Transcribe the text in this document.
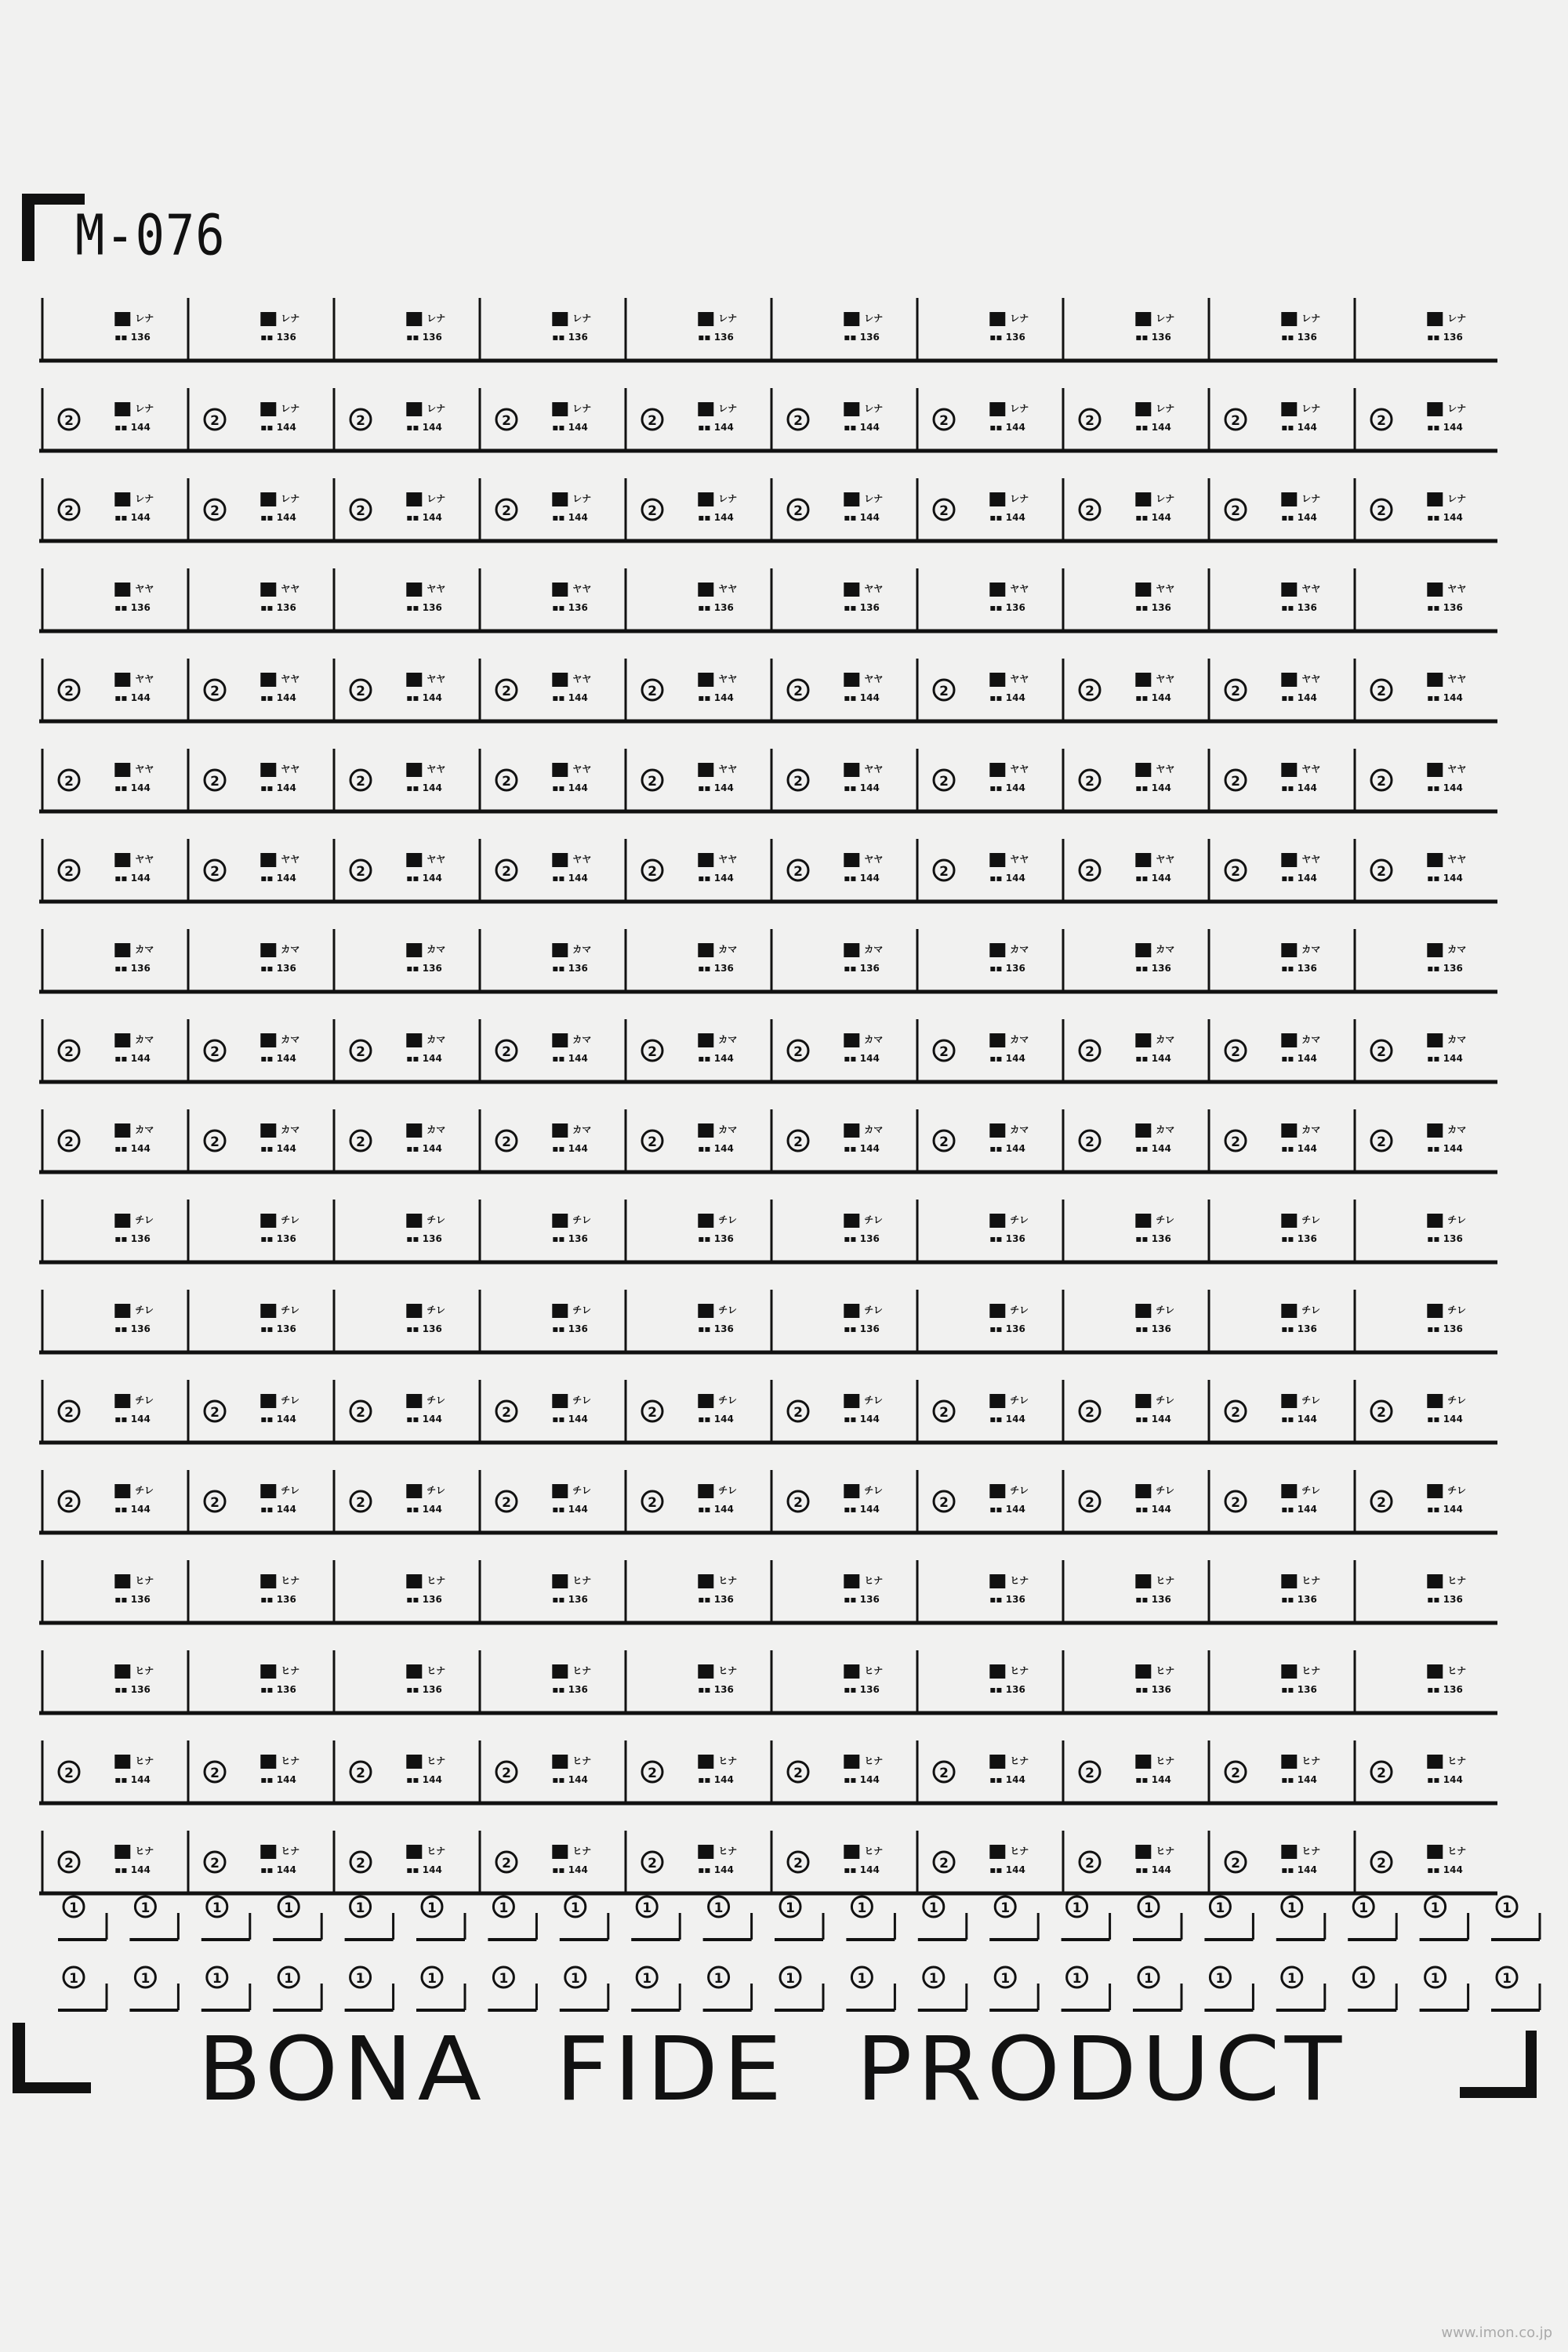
M-076
レナ
▪▪ 136
レナ
▪▪ 136
レナ
▪▪ 136
レナ
▪▪ 136
レナ
▪▪ 136
レナ
▪▪ 136
レナ
▪▪ 136
レナ
▪▪ 136
レナ
▪▪ 136
レナ
▪▪ 136
レナ
▪▪ 144
2
レナ
▪▪ 144
2
レナ
▪▪ 144
2
レナ
▪▪ 144
2
レナ
▪▪ 144
2
レナ
▪▪ 144
2
レナ
▪▪ 144
2
レナ
▪▪ 144
2
レナ
▪▪ 144
2
レナ
▪▪ 144
2
レナ
▪▪ 144
2
レナ
▪▪ 144
2
レナ
▪▪ 144
2
レナ
▪▪ 144
2
レナ
▪▪ 144
2
レナ
▪▪ 144
2
レナ
▪▪ 144
2
レナ
▪▪ 144
2
レナ
▪▪ 144
2
レナ
▪▪ 144
2
ヤヤ
▪▪ 136
ヤヤ
▪▪ 136
ヤヤ
▪▪ 136
ヤヤ
▪▪ 136
ヤヤ
▪▪ 136
ヤヤ
▪▪ 136
ヤヤ
▪▪ 136
ヤヤ
▪▪ 136
ヤヤ
▪▪ 136
ヤヤ
▪▪ 136
ヤヤ
▪▪ 144
2
ヤヤ
▪▪ 144
2
ヤヤ
▪▪ 144
2
ヤヤ
▪▪ 144
2
ヤヤ
▪▪ 144
2
ヤヤ
▪▪ 144
2
ヤヤ
▪▪ 144
2
ヤヤ
▪▪ 144
2
ヤヤ
▪▪ 144
2
ヤヤ
▪▪ 144
2
ヤヤ
▪▪ 144
2
ヤヤ
▪▪ 144
2
ヤヤ
▪▪ 144
2
ヤヤ
▪▪ 144
2
ヤヤ
▪▪ 144
2
ヤヤ
▪▪ 144
2
ヤヤ
▪▪ 144
2
ヤヤ
▪▪ 144
2
ヤヤ
▪▪ 144
2
ヤヤ
▪▪ 144
2
ヤヤ
▪▪ 144
2
ヤヤ
▪▪ 144
2
ヤヤ
▪▪ 144
2
ヤヤ
▪▪ 144
2
ヤヤ
▪▪ 144
2
ヤヤ
▪▪ 144
2
ヤヤ
▪▪ 144
2
ヤヤ
▪▪ 144
2
ヤヤ
▪▪ 144
2
ヤヤ
▪▪ 144
2
カマ
▪▪ 136
カマ
▪▪ 136
カマ
▪▪ 136
カマ
▪▪ 136
カマ
▪▪ 136
カマ
▪▪ 136
カマ
▪▪ 136
カマ
▪▪ 136
カマ
▪▪ 136
カマ
▪▪ 136
カマ
▪▪ 144
2
カマ
▪▪ 144
2
カマ
▪▪ 144
2
カマ
▪▪ 144
2
カマ
▪▪ 144
2
カマ
▪▪ 144
2
カマ
▪▪ 144
2
カマ
▪▪ 144
2
カマ
▪▪ 144
2
カマ
▪▪ 144
2
カマ
▪▪ 144
2
カマ
▪▪ 144
2
カマ
▪▪ 144
2
カマ
▪▪ 144
2
カマ
▪▪ 144
2
カマ
▪▪ 144
2
カマ
▪▪ 144
2
カマ
▪▪ 144
2
カマ
▪▪ 144
2
カマ
▪▪ 144
2
チレ
▪▪ 136
チレ
▪▪ 136
チレ
▪▪ 136
チレ
▪▪ 136
チレ
▪▪ 136
チレ
▪▪ 136
チレ
▪▪ 136
チレ
▪▪ 136
チレ
▪▪ 136
チレ
▪▪ 136
チレ
▪▪ 136
チレ
▪▪ 136
チレ
▪▪ 136
チレ
▪▪ 136
チレ
▪▪ 136
チレ
▪▪ 136
チレ
▪▪ 136
チレ
▪▪ 136
チレ
▪▪ 136
チレ
▪▪ 136
チレ
▪▪ 144
2
チレ
▪▪ 144
2
チレ
▪▪ 144
2
チレ
▪▪ 144
2
チレ
▪▪ 144
2
チレ
▪▪ 144
2
チレ
▪▪ 144
2
チレ
▪▪ 144
2
チレ
▪▪ 144
2
チレ
▪▪ 144
2
チレ
▪▪ 144
2
チレ
▪▪ 144
2
チレ
▪▪ 144
2
チレ
▪▪ 144
2
チレ
▪▪ 144
2
チレ
▪▪ 144
2
チレ
▪▪ 144
2
チレ
▪▪ 144
2
チレ
▪▪ 144
2
チレ
▪▪ 144
2
ヒナ
▪▪ 136
ヒナ
▪▪ 136
ヒナ
▪▪ 136
ヒナ
▪▪ 136
ヒナ
▪▪ 136
ヒナ
▪▪ 136
ヒナ
▪▪ 136
ヒナ
▪▪ 136
ヒナ
▪▪ 136
ヒナ
▪▪ 136
ヒナ
▪▪ 136
ヒナ
▪▪ 136
ヒナ
▪▪ 136
ヒナ
▪▪ 136
ヒナ
▪▪ 136
ヒナ
▪▪ 136
ヒナ
▪▪ 136
ヒナ
▪▪ 136
ヒナ
▪▪ 136
ヒナ
▪▪ 136
ヒナ
▪▪ 144
2
ヒナ
▪▪ 144
2
ヒナ
▪▪ 144
2
ヒナ
▪▪ 144
2
ヒナ
▪▪ 144
2
ヒナ
▪▪ 144
2
ヒナ
▪▪ 144
2
ヒナ
▪▪ 144
2
ヒナ
▪▪ 144
2
ヒナ
▪▪ 144
2
ヒナ
▪▪ 144
2
ヒナ
▪▪ 144
2
ヒナ
▪▪ 144
2
ヒナ
▪▪ 144
2
ヒナ
▪▪ 144
2
ヒナ
▪▪ 144
2
ヒナ
▪▪ 144
2
ヒナ
▪▪ 144
2
ヒナ
▪▪ 144
2
ヒナ
▪▪ 144
2
1	1	1	1	1	1	1	1	1	1	1	1	1	1	1	1	1	1	1	1	1
1	1	1	1	1	1	1	1	1	1	1	1	1	1	1	1	1	1	1	1	1
BONA  FIDE  PRODUCT
www.imon.co.jp
